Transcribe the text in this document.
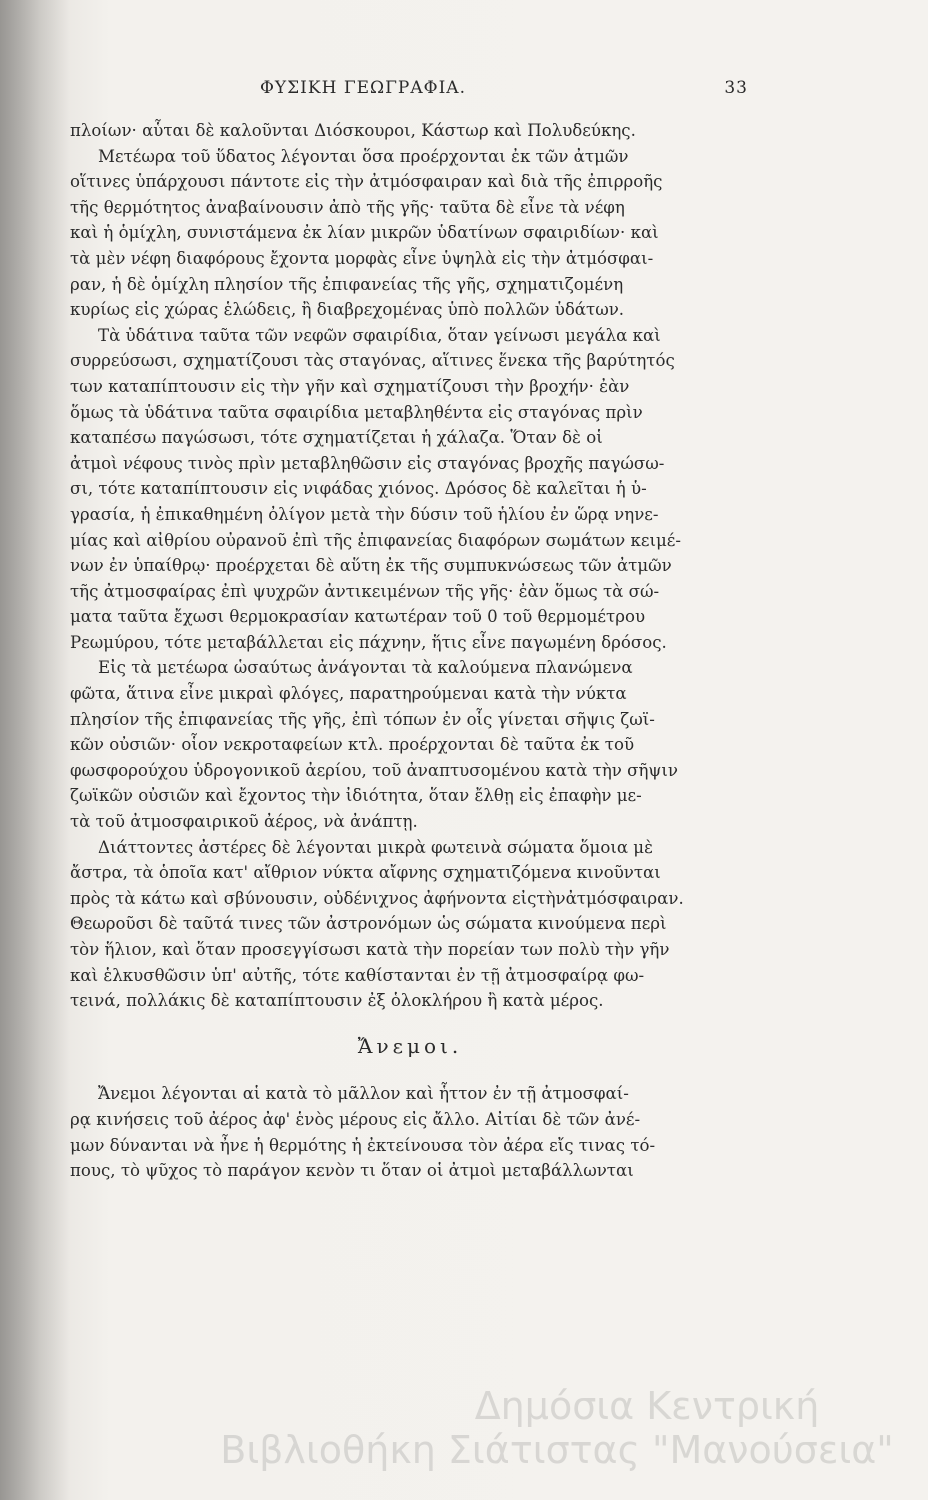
ΦΥΣΙΚΗ ΓΕΩΓΡΑΦΙΑ.	33
πλοίων· αὗται δὲ καλοῦνται Διόσκουροι, Κάστωρ καὶ Πολυδεύκης.
Μετέωρα τοῦ ὕδατος λέγονται ὅσα προέρχονται ἐκ τῶν ἀτμῶν
οἵτινες ὑπάρχουσι πάντοτε εἰς τὴν ἀτμόσφαιραν καὶ διὰ τῆς ἐπιρροῆς
τῆς θερμότητος ἀναβαίνουσιν ἀπὸ τῆς γῆς· ταῦτα δὲ εἶνε τὰ νέφη
καὶ ἡ ὁμίχλη, συνιστάμενα ἐκ λίαν μικρῶν ὑδατίνων σφαιριδίων· καὶ
τὰ μὲν νέφη διαφόρους ἔχοντα μορφὰς εἶνε ὑψηλὰ εἰς τὴν ἀτμόσφαι-
ραν, ἡ δὲ ὁμίχλη πλησίον τῆς ἐπιφανείας τῆς γῆς, σχηματιζομένη
κυρίως εἰς χώρας ἑλώδεις, ἢ διαβρεχομένας ὑπὸ πολλῶν ὑδάτων.
Τὰ ὑδάτινα ταῦτα τῶν νεφῶν σφαιρίδια, ὅταν γείνωσι μεγάλα καὶ
συρρεύσωσι, σχηματίζουσι τὰς σταγόνας, αἵτινες ἕνεκα τῆς βαρύτητός
των καταπίπτουσιν εἰς τὴν γῆν καὶ σχηματίζουσι τὴν βροχήν· ἐὰν
ὅμως τὰ ὑδάτινα ταῦτα σφαιρίδια μεταβληθέντα εἰς σταγόνας πρὶν
καταπέσω παγώσωσι, τότε σχηματίζεται ἡ χάλαζα. Ὅταν δὲ οἱ
ἀτμοὶ νέφους τινὸς πρὶν μεταβληθῶσιν εἰς σταγόνας βροχῆς παγώσω-
σι, τότε καταπίπτουσιν εἰς νιφάδας χιόνος. Δρόσος δὲ καλεῖται ἡ ὑ-
γρασία, ἡ ἐπικαθημένη ὀλίγον μετὰ τὴν δύσιν τοῦ ἡλίου ἐν ὥρᾳ νηνε-
μίας καὶ αἰθρίου οὐρανοῦ ἐπὶ τῆς ἐπιφανείας διαφόρων σωμάτων κειμέ-
νων ἐν ὑπαίθρῳ· προέρχεται δὲ αὕτη ἐκ τῆς συμπυκνώσεως τῶν ἀτμῶν
τῆς ἀτμοσφαίρας ἐπὶ ψυχρῶν ἀντικειμένων τῆς γῆς· ἐὰν ὅμως τὰ σώ-
ματα ταῦτα ἔχωσι θερμοκρασίαν κατωτέραν τοῦ 0 τοῦ θερμομέτρου
Ρεωμύρου, τότε μεταβάλλεται εἰς πάχνην, ἥτις εἶνε παγωμένη δρόσος.
Εἰς τὰ μετέωρα ὡσαύτως ἀνάγονται τὰ καλούμενα πλανώμενα
φῶτα, ἅτινα εἶνε μικραὶ φλόγες, παρατηρούμεναι κατὰ τὴν νύκτα
πλησίον τῆς ἐπιφανείας τῆς γῆς, ἐπὶ τόπων ἐν οἷς γίνεται σῆψις ζωϊ-
κῶν οὐσιῶν· οἷον νεκροταφείων κτλ. προέρχονται δὲ ταῦτα ἐκ τοῦ
φωσφορούχου ὑδρογονικοῦ ἀερίου, τοῦ ἀναπτυσομένου κατὰ τὴν σῆψιν
ζωϊκῶν οὐσιῶν καὶ ἔχοντος τὴν ἰδιότητα, ὅταν ἔλθῃ εἰς ἐπαφὴν με-
τὰ τοῦ ἀτμοσφαιρικοῦ ἀέρος, νὰ ἀνάπτῃ.
Διάττοντες ἀστέρες δὲ λέγονται μικρὰ φωτεινὰ σώματα ὅμοια μὲ
ἄστρα, τὰ ὁποῖα κατ' αἴθριον νύκτα αἴφνης σχηματιζόμενα κινοῦνται
πρὸς τὰ κάτω καὶ σβύνουσιν, οὐδένιχνος ἀφήνοντα εἰςτὴνἀτμόσφαιραν.
Θεωροῦσι δὲ ταῦτά τινες τῶν ἀστρονόμων ὡς σώματα κινούμενα περὶ
τὸν ἥλιον, καὶ ὅταν προσεγγίσωσι κατὰ τὴν πορείαν των πολὺ τὴν γῆν
καὶ ἑλκυσθῶσιν ὑπ' αὐτῆς, τότε καθίστανται ἐν τῇ ἀτμοσφαίρᾳ φω-
τεινά, πολλάκις δὲ καταπίπτουσιν ἐξ ὁλοκλήρου ἢ κατὰ μέρος.
Ἄνεμοι.
Ἄνεμοι λέγονται αἱ κατὰ τὸ μᾶλλον καὶ ἧττον ἐν τῇ ἀτμοσφαί-
ρᾳ κινήσεις τοῦ ἀέρος ἀφ' ἑνὸς μέρους εἰς ἄλλο. Αἰτίαι δὲ τῶν ἀνέ-
μων δύνανται νὰ ἦνε ἡ θερμότης ἡ ἐκτείνουσα τὸν ἀέρα εἴς τινας τό-
πους, τὸ ψῦχος τὸ παράγον κενὸν τι ὅταν οἱ ἀτμοὶ μεταβάλλωνται
Δημόσια Κεντρική
Βιβλιοθήκη Σιάτιστας "Μανούσεια"
